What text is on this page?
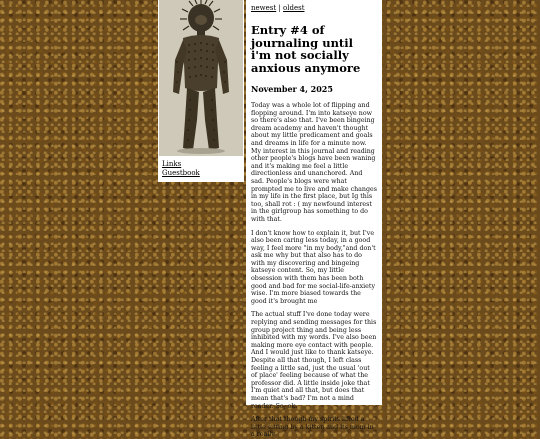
Links
Guestbook
newest | oldest
Entry #4 of journaling until i'm not socially anxious anymore
November 4, 2025

Today was a whole lot of flipping and flopping around. I'm into katseye now so there's also that. I've been bingeing dream academy and haven't thought about my little predicament and goals and dreams in life for a minute now. My interest in this journal and reading other people's blogs have been waning and it's making me feel a little directionless and unanchored. And sad. People's blogs were what prompted me to live and make changes in my life in the first place, but Ig this too, shall rot : ( my newfound interest in the girlgroup has something to do with that.

I don't know how to explain it, but I've also been caring less today, in a good way, I feel more "in my body,"and don't ask me why but that also has to do with my discovering and bingeing katseye content. So, my little obsession with them has been both good and bad for me social-life-anxiety wise. I'm more biased towards the good it's brought me

The actual stuff I've done today were replying and sending messages for this group project thing and being less inhibited with my words. I've also been making more eye contact with people. And I would just like to thank katseye. Despite all that though, I left class feeling a little sad, just the usual 'out of place' feeling because of what the professor did. A little inside joke that I'm quiet and all that, but does that mean that's bad? I'm not a mind reader. So, ok.

After that though my spirits lifted a little sitting by a kitten and its mom in a really
